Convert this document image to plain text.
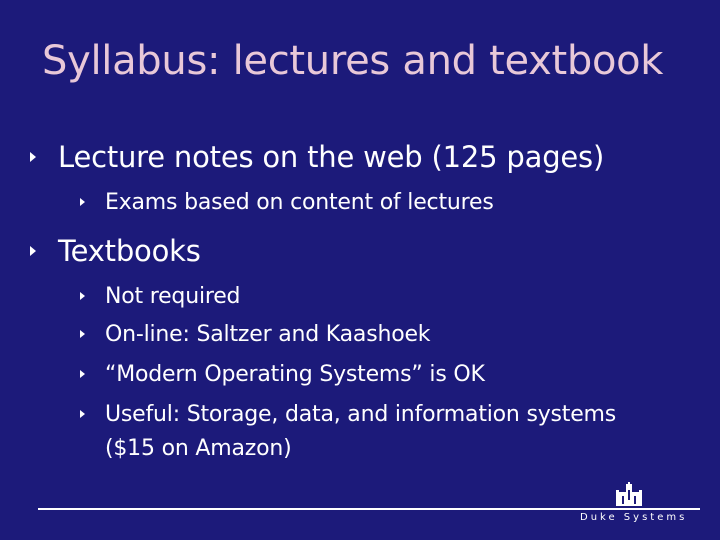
Syllabus: lectures and textbook
Lecture notes on the web (125 pages)
Exams based on content of lectures
Textbooks
Not required
On-line: Saltzer and Kaashoek
“Modern Operating Systems” is OK
Useful: Storage, data, and information systems
($15 on Amazon)
Duke Systems
